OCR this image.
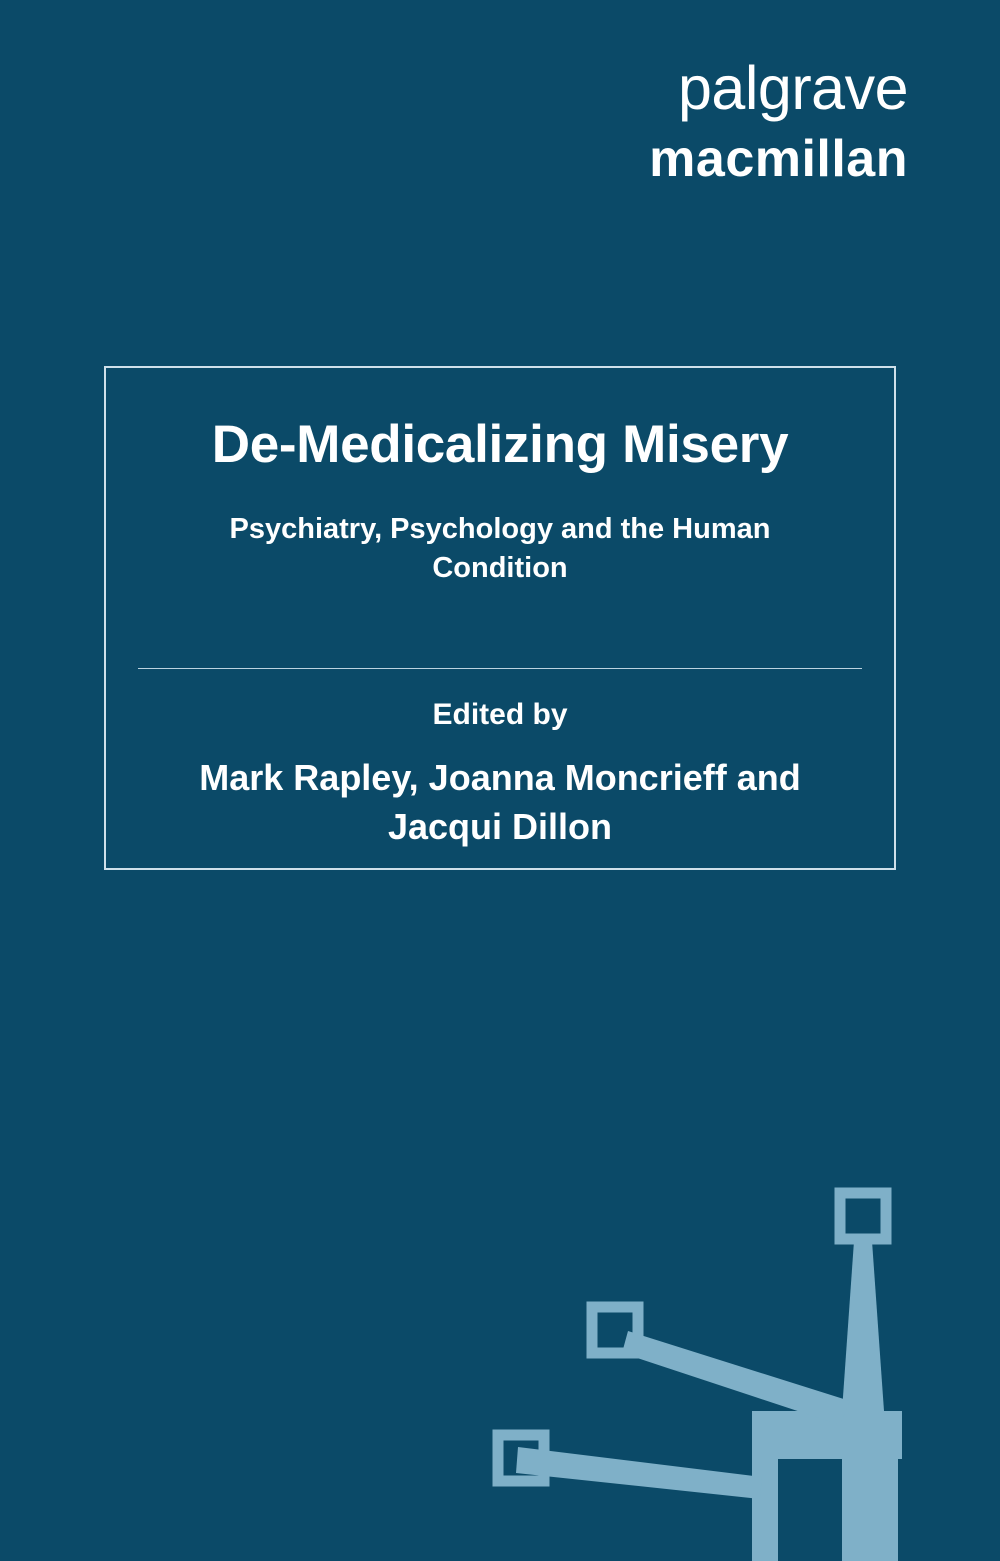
palgrave
macmillan
De-Medicalizing Misery

Psychiatry, Psychology and the Human Condition

Edited by

Mark Rapley, Joanna Moncrieff and Jacqui Dillon
